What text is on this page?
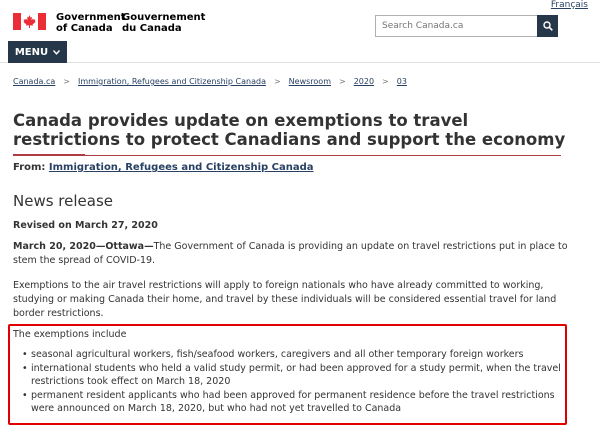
Government
of Canada
Gouvernement
du Canada
Français
Search Canada.ca
MENU
Canada.ca > Immigration, Refugees and Citizenship Canada > Newsroom > 2020 > 03
Canada provides update on exemptions to travel restrictions to protect Canadians and support the economy
From: Immigration, Refugees and Citizenship Canada
News release
Revised on March 27, 2020

March 20, 2020—Ottawa—The Government of Canada is providing an update on travel restrictions put in place to stem the spread of COVID-19.

Exemptions to the air travel restrictions will apply to foreign nationals who have already committed to working, studying or making Canada their home, and travel by these individuals will be considered essential travel for land border restrictions.

The exemptions include
• seasonal agricultural workers, fish/seafood workers, caregivers and all other temporary foreign workers
• international students who held a valid study permit, or had been approved for a study permit, when the travel restrictions took effect on March 18, 2020
• permanent resident applicants who had been approved for permanent residence before the travel restrictions were announced on March 18, 2020, but who had not yet travelled to Canada
